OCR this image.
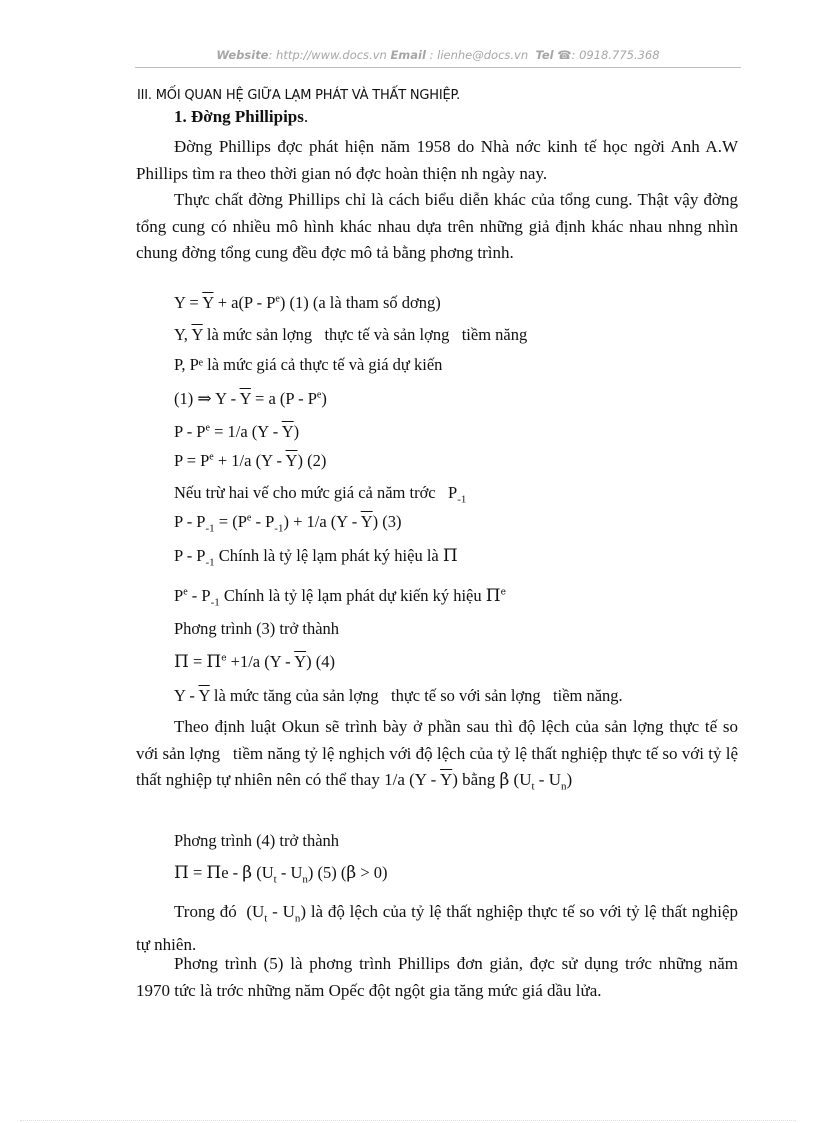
Website: http://www.docs.vn Email : lienhe@docs.vn Tel ☎: 0918.775.368
III. MỐI QUAN HỆ GIỮA LẠM PHÁT VÀ THẤT NGHIỆP.
1. Đờng Phillipips.

Đờng Phillips đợc phát hiện năm 1958 do Nhà nớc kinh tế học ngời Anh A.W Phillips tìm ra theo thời gian nó đợc hoàn thiện nh ngày nay.

Thực chất đờng Phillips chỉ là cách biểu diễn khác của tổng cung. Thật vậy đờng tổng cung có nhiều mô hình khác nhau dựa trên những giả định khác nhau nhng nhìn chung đờng tổng cung đều đợc mô tả bằng phơng trình.

$Y = \overline{Y} + a(P - P^e)$ (1) (a là tham số dơng)
Y, $\overline{Y}$ là mức sản lợng   thực tế và sản lợng   tiềm năng
P, Pᵉ là mức giá cả thực tế và giá dự kiến
(1) ⇒ $Y - \overline{Y} = a$ $(P - P^e)$
$P - P^e = 1/a$ $(Y - \overline{Y})$
$P = P^e + 1/a$ $(Y - \overline{Y})$ (2)
Nếu trừ hai vế cho mức giá cả năm trớc   $P_{-1}$
$P - P_{-1} = (P^e - P_{-1}) + 1/a$ $(Y - \overline{Y})$ (3)
P - $P_{-1}$ Chính là tỷ lệ lạm phát ký hiệu là Π
$P^e - P_{-1}$ Chính là tỷ lệ lạm phát dự kiến ký hiệu $\Pi^e$
Phơng trình (3) trở thành
$\Pi = \Pi^e +1/a$ $(Y - \overline{Y})$ (4)
Y - $\overline{Y}$ là mức tăng của sản lợng   thực tế so với sản lợng   tiềm năng.

Theo định luật Okun sẽ trình bày ở phần sau thì độ lệch của sản lợng thực tế so với sản lợng   tiềm năng tỷ lệ nghịch với độ lệch của tỷ lệ thất nghiệp thực tế so với tỷ lệ thất nghiệp tự nhiên nên có thể thay 1/a $(Y - \overline{Y})$ bằng β $(U_t - U_n)$

Phơng trình (4) trở thành
Π = Πe - β $(U_t - U_n)$ (5) (β > 0)

Trong đó  $(U_t - U_n)$ là độ lệch của tỷ lệ thất nghiệp thực tế so với tỷ lệ thất nghiệp tự nhiên.

Phơng trình (5) là phơng trình Phillips đơn giản, đợc sử dụng trớc những năm 1970 tức là trớc những năm Opếc đột ngột gia tăng mức giá dầu lửa.
